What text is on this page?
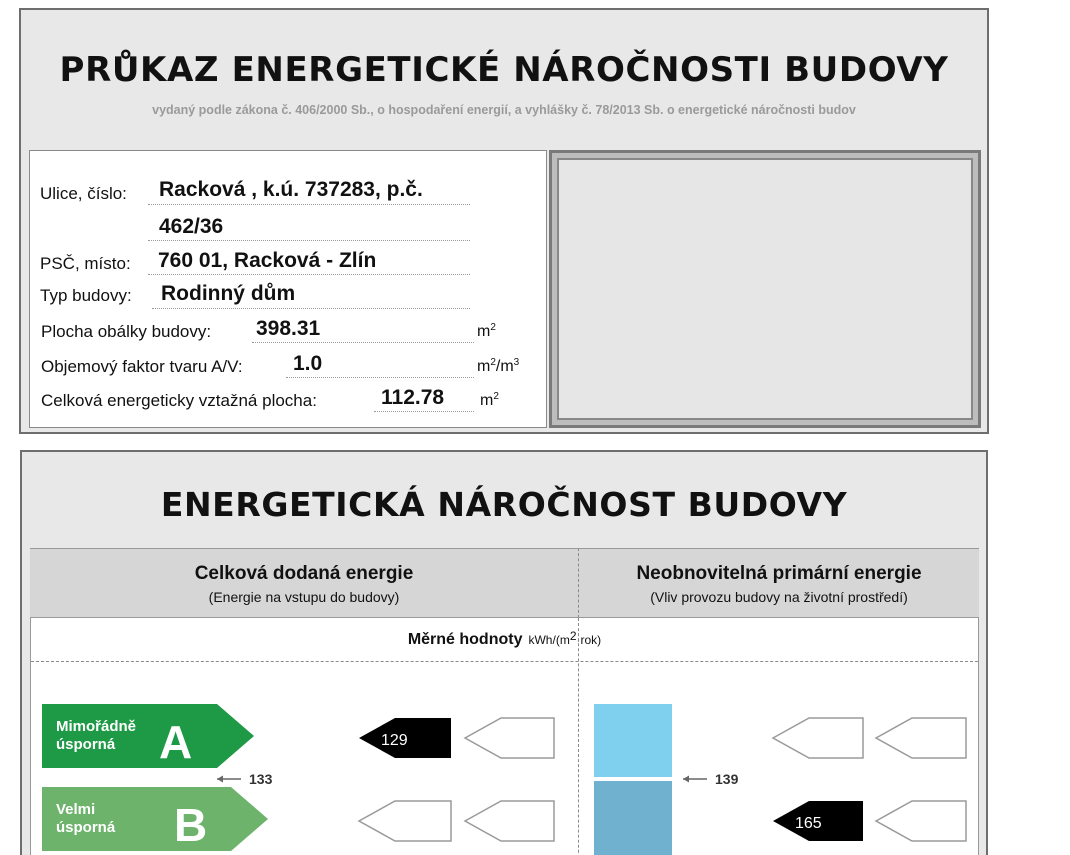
PRŮKAZ ENERGETICKÉ NÁROČNOSTI BUDOVY
vydaný podle zákona č. 406/2000 Sb., o hospodaření energií, a vyhlášky č. 78/2013 Sb. o energetické náročnosti budov
Ulice, číslo: Racková , k.ú. 737283, p.č.
462/36
PSČ, místo: 760 01, Racková - Zlín
Typ budovy: Rodinný dům
Plocha obálky budovy: 398.31	$m^2$
Objemový faktor tvaru A/V: 1.0	$m^2/m^3$
Celková energeticky vztažná plocha:	112.78 $m^2$
ENERGETICKÁ NÁROČNOST BUDOVY
Celková dodaná energie
(Energie na vstupu do budovy)
Neobnovitelná primární energie
(Vliv provozu budovy na životní prostředí)
Měrné hodnoty kWh/$(m^2\cdot rok)$
Mimořádně
úsporná A
Velmi
úsporná B
133	139
129
165
